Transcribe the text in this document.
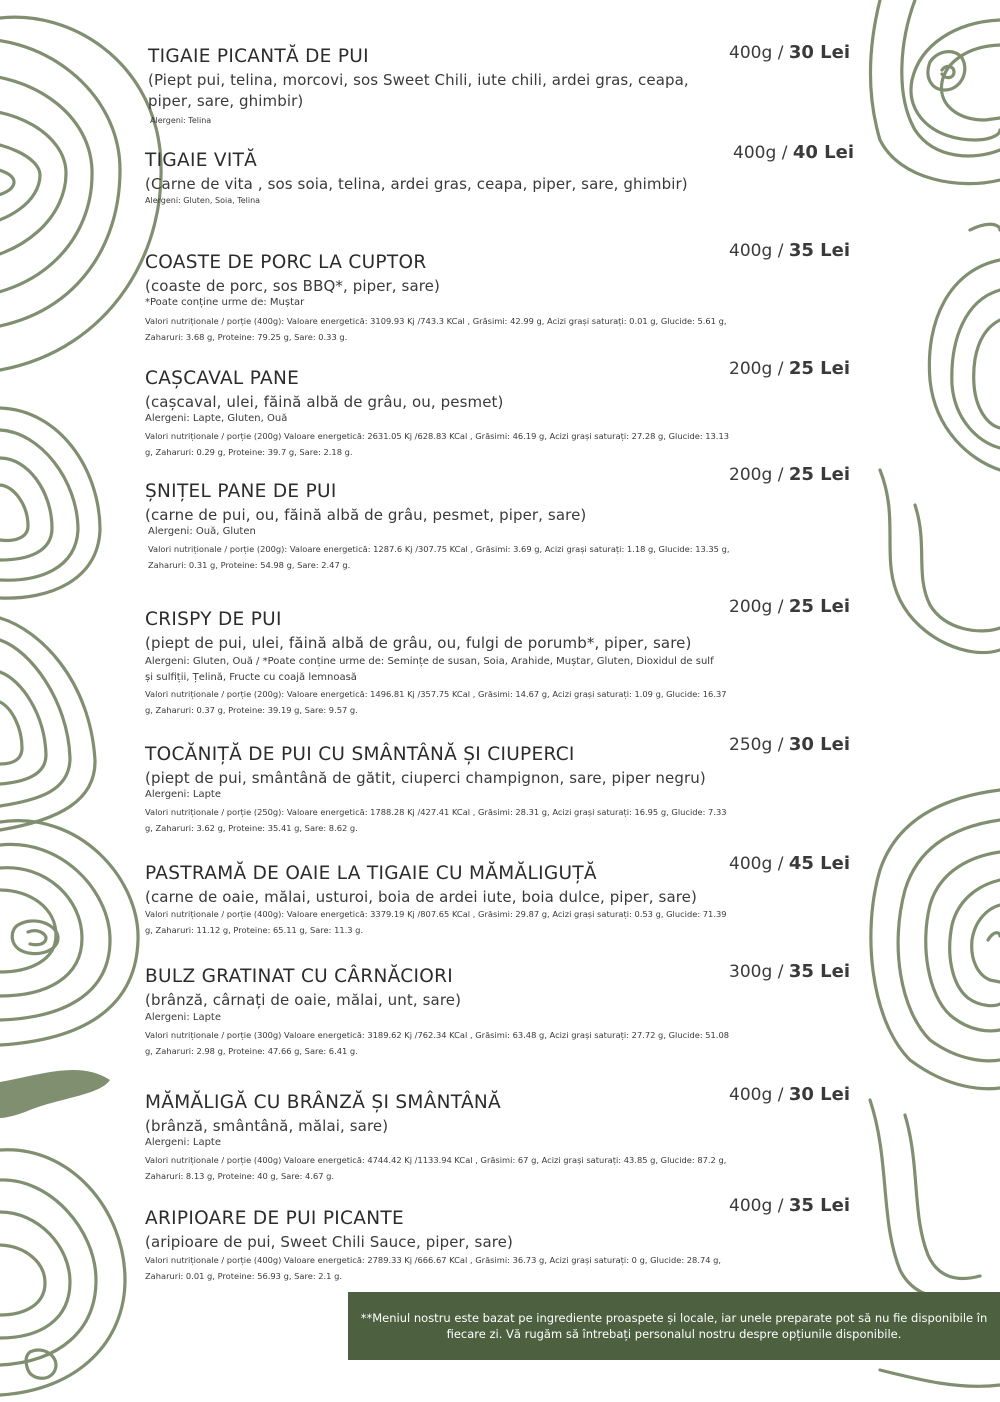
TIGAIE PICANTĂ DE PUI	400g / 30 Lei

(Piept pui, telina, morcovi, sos Sweet Chili, iute chili, ardei gras, ceapa, piper, sare, ghimbir)

Alergeni: Telina
TIGAIE VITĂ	400g / 40 Lei

(Carne de vita , sos soia, telina, ardei gras, ceapa, piper, sare, ghimbir)

Alergeni: Gluten, Soia, Telina
COASTE DE PORC LA CUPTOR
400g / 35 Lei

(coaste de porc, sos BBQ*, piper, sare)

*Poate conține urme de: Muștar
Valori nutriționale / porție (400g): Valoare energetică: 3109.93 Kj /743.3 KCal , Grăsimi: 42.99 g, Acizi grași saturați: 0.01 g, Glucide: 5.61 g, Zaharuri: 3.68 g, Proteine: 79.25 g, Sare: 0.33 g.
CAȘCAVAL PANE	200g / 25 Lei

(cașcaval, ulei, făină albă de grâu, ou, pesmet)

Alergeni: Lapte, Gluten, Ouă
Valori nutriționale / porție (200g) Valoare energetică: 2631.05 Kj /628.83 KCal , Grăsimi: 46.19 g, Acizi grași saturați: 27.28 g, Glucide: 13.13 g, Zaharuri: 0.29 g, Proteine: 39.7 g, Sare: 2.18 g.
ȘNIȚEL PANE DE PUI
200g / 25 Lei

(carne de pui, ou, făină albă de grâu, pesmet, piper, sare)

Alergeni: Ouă, Gluten
Valori nutriționale / porție (200g): Valoare energetică: 1287.6 Kj /307.75 KCal , Grăsimi: 3.69 g, Acizi grași saturați: 1.18 g, Glucide: 13.35 g, Zaharuri: 0.31 g, Proteine: 54.98 g, Sare: 2.47 g.
CRISPY DE PUI
200g / 25 Lei

(piept de pui, ulei, făină albă de grâu, ou, fulgi de porumb*, piper, sare)

Alergeni: Gluten, Ouă / *Poate conține urme de: Semințe de susan, Soia, Arahide, Muștar, Gluten, Dioxidul de sulf și sulfiții, Țelină, Fructe cu coajă lemnoasă
Valori nutriționale / porție (200g): Valoare energetică: 1496.81 Kj /357.75 KCal , Grăsimi: 14.67 g, Acizi grași saturați: 1.09 g, Glucide: 16.37 g, Zaharuri: 0.37 g, Proteine: 39.19 g, Sare: 9.57 g.
TOCĂNIȚĂ DE PUI CU SMÂNTÂNĂ ȘI CIUPERCI	250g / 30 Lei

(piept de pui, smântână de gătit, ciuperci champignon, sare, piper negru)

Alergeni: Lapte
Valori nutriționale / porție (250g): Valoare energetică: 1788.28 Kj /427.41 KCal , Grăsimi: 28.31 g, Acizi grași saturați: 16.95 g, Glucide: 7.33 g, Zaharuri: 3.62 g, Proteine: 35.41 g, Sare: 8.62 g.
PASTRAMĂ DE OAIE LA TIGAIE CU MĂMĂLIGUȚĂ	400g / 45 Lei

(carne de oaie, mălai, usturoi, boia de ardei iute, boia dulce, piper, sare)

Valori nutriționale / porție (400g): Valoare energetică: 3379.19 Kj /807.65 KCal , Grăsimi: 29.87 g, Acizi grași saturați: 0.53 g, Glucide: 71.39 g, Zaharuri: 11.12 g, Proteine: 65.11 g, Sare: 11.3 g.
BULZ GRATINAT CU CÂRNĂCIORI	300g / 35 Lei

(brânză, cârnați de oaie, mălai, unt, sare)

Alergeni: Lapte
Valori nutriționale / porție (300g) Valoare energetică: 3189.62 Kj /762.34 KCal , Grăsimi: 63.48 g, Acizi grași saturați: 27.72 g, Glucide: 51.08 g, Zaharuri: 2.98 g, Proteine: 47.66 g, Sare: 6.41 g.
MĂMĂLIGĂ CU BRÂNZĂ ȘI SMÂNTÂNĂ	400g / 30 Lei

(brânză, smântână, mălai, sare)

Alergeni: Lapte
Valori nutriționale / porție (400g) Valoare energetică: 4744.42 Kj /1133.94 KCal , Grăsimi: 67 g, Acizi grași saturați: 43.85 g, Glucide: 87.2 g, Zaharuri: 8.13 g, Proteine: 40 g, Sare: 4.67 g.
ARIPIOARE DE PUI PICANTE
400g / 35 Lei

(aripioare de pui, Sweet Chili Sauce, piper, sare)

Valori nutriționale / porție (400g) Valoare energetică: 2789.33 Kj /666.67 KCal , Grăsimi: 36.73 g, Acizi grași saturați: 0 g, Glucide: 28.74 g, Zaharuri: 0.01 g, Proteine: 56.93 g, Sare: 2.1 g.
**Meniul nostru este bazat pe ingrediente proaspete și locale, iar unele preparate pot să nu fie disponibile în fiecare zi. Vă rugăm să întrebați personalul nostru despre opțiunile disponibile.
